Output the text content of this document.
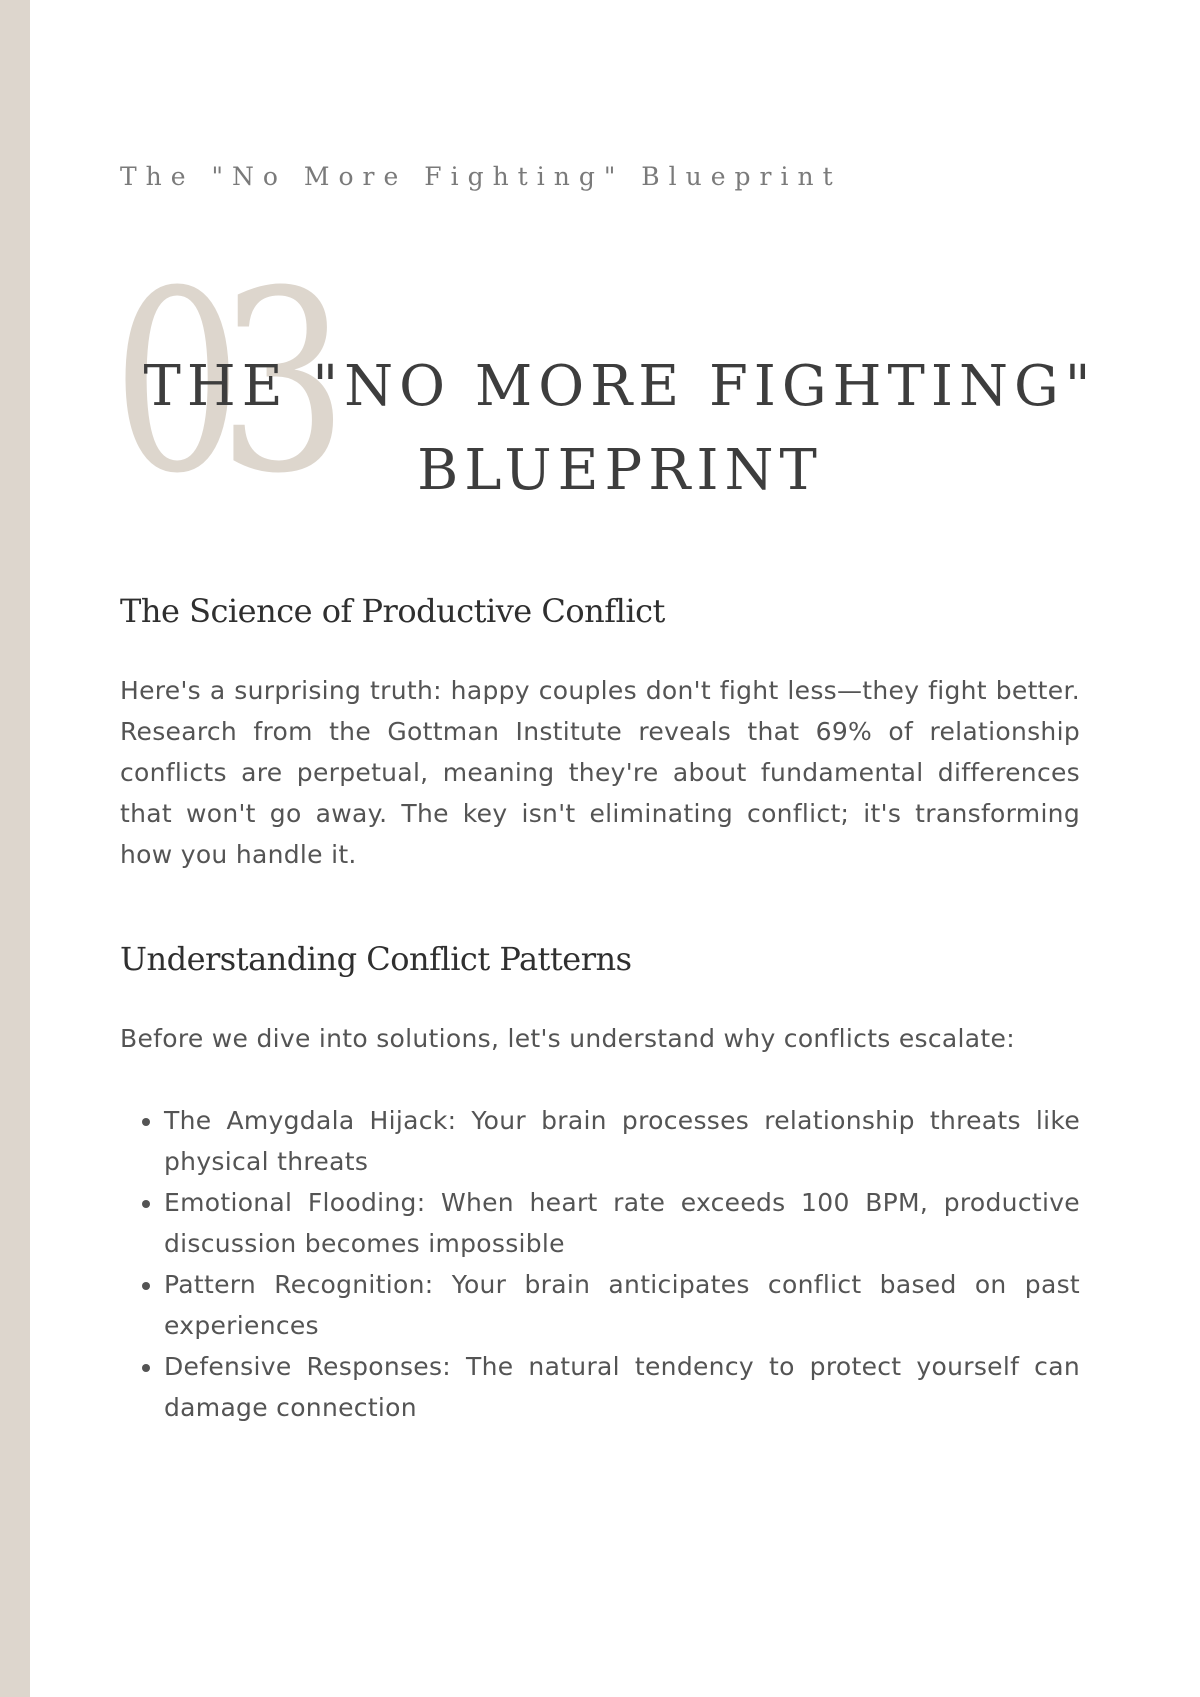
The "No More Fighting" Blueprint
03
THE "NO MORE FIGHTING"
BLUEPRINT
The Science of Productive Conflict

Here's a surprising truth: happy couples don't fight less—they fight better. Research from the Gottman Institute reveals that 69% of relationship conflicts are perpetual, meaning they're about fundamental differences that won't go away. The key isn't eliminating conflict; it's transforming how you handle it.

Understanding Conflict Patterns

Before we dive into solutions, let's understand why conflicts escalate:

• The Amygdala Hijack: Your brain processes relationship threats like physical threats
• Emotional Flooding: When heart rate exceeds 100 BPM, productive discussion becomes impossible
• Pattern Recognition: Your brain anticipates conflict based on past experiences
• Defensive Responses: The natural tendency to protect yourself can damage connection
